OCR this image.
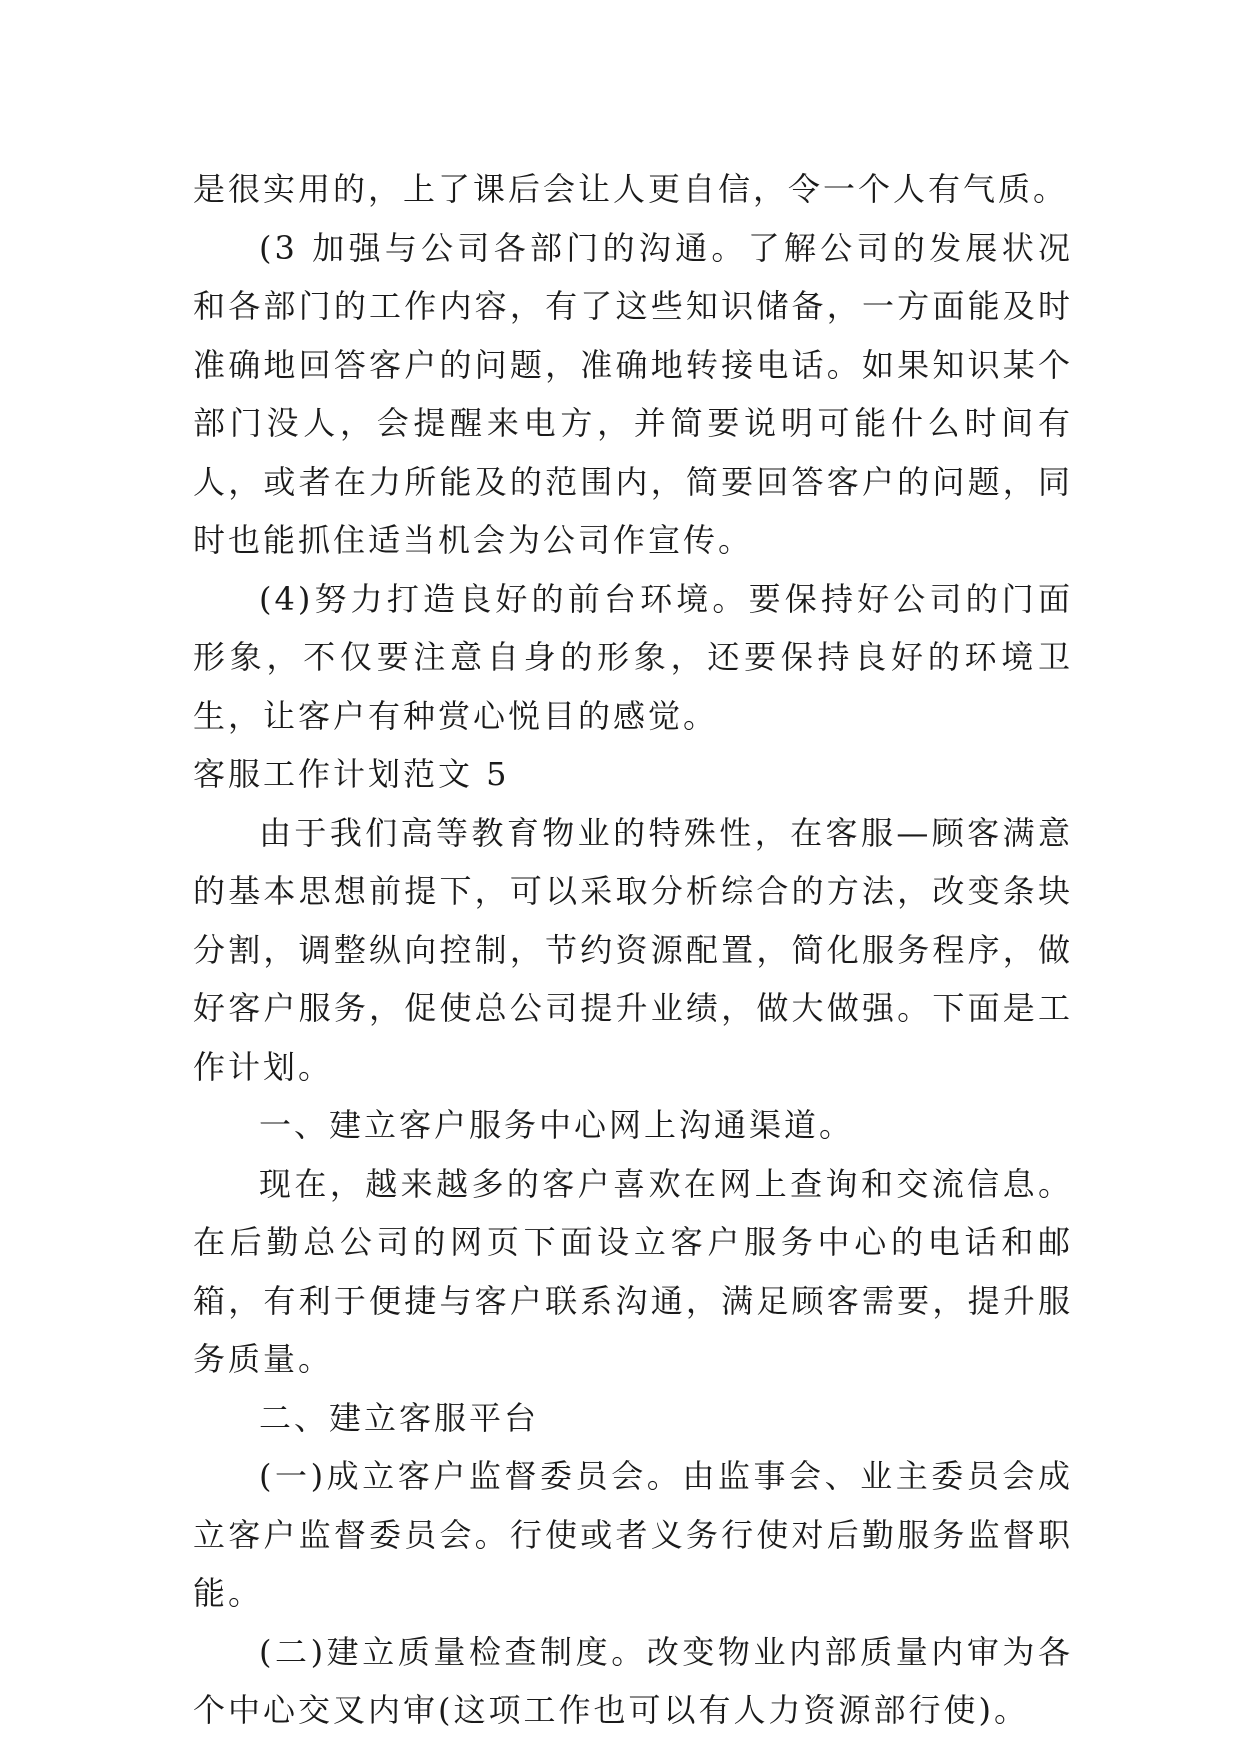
是很实用的，上了课后会让人更自信，令一个人有气质。

(3 加强与公司各部门的沟通。了解公司的发展状况和各部门的工作内容，有了这些知识储备，一方面能及时准确地回答客户的问题，准确地转接电话。如果知识某个部门没人，会提醒来电方，并简要说明可能什么时间有人，或者在力所能及的范围内，简要回答客户的问题，同时也能抓住适当机会为公司作宣传。

(4)努力打造良好的前台环境。要保持好公司的门面形象，不仅要注意自身的形象，还要保持良好的环境卫生，让客户有种赏心悦目的感觉。

客服工作计划范文 5

由于我们高等教育物业的特殊性，在客服—顾客满意的基本思想前提下，可以采取分析综合的方法，改变条块分割，调整纵向控制，节约资源配置，简化服务程序，做好客户服务，促使总公司提升业绩，做大做强。下面是工作计划。

一、建立客户服务中心网上沟通渠道。

现在，越来越多的客户喜欢在网上查询和交流信息。在后勤总公司的网页下面设立客户服务中心的电话和邮箱，有利于便捷与客户联系沟通，满足顾客需要，提升服务质量。

二、建立客服平台

(一)成立客户监督委员会。由监事会、业主委员会成立客户监督委员会。行使或者义务行使对后勤服务监督职能。

(二)建立质量检查制度。改变物业内部质量内审为各个中心交叉内审(这项工作也可以有人力资源部行使)。
